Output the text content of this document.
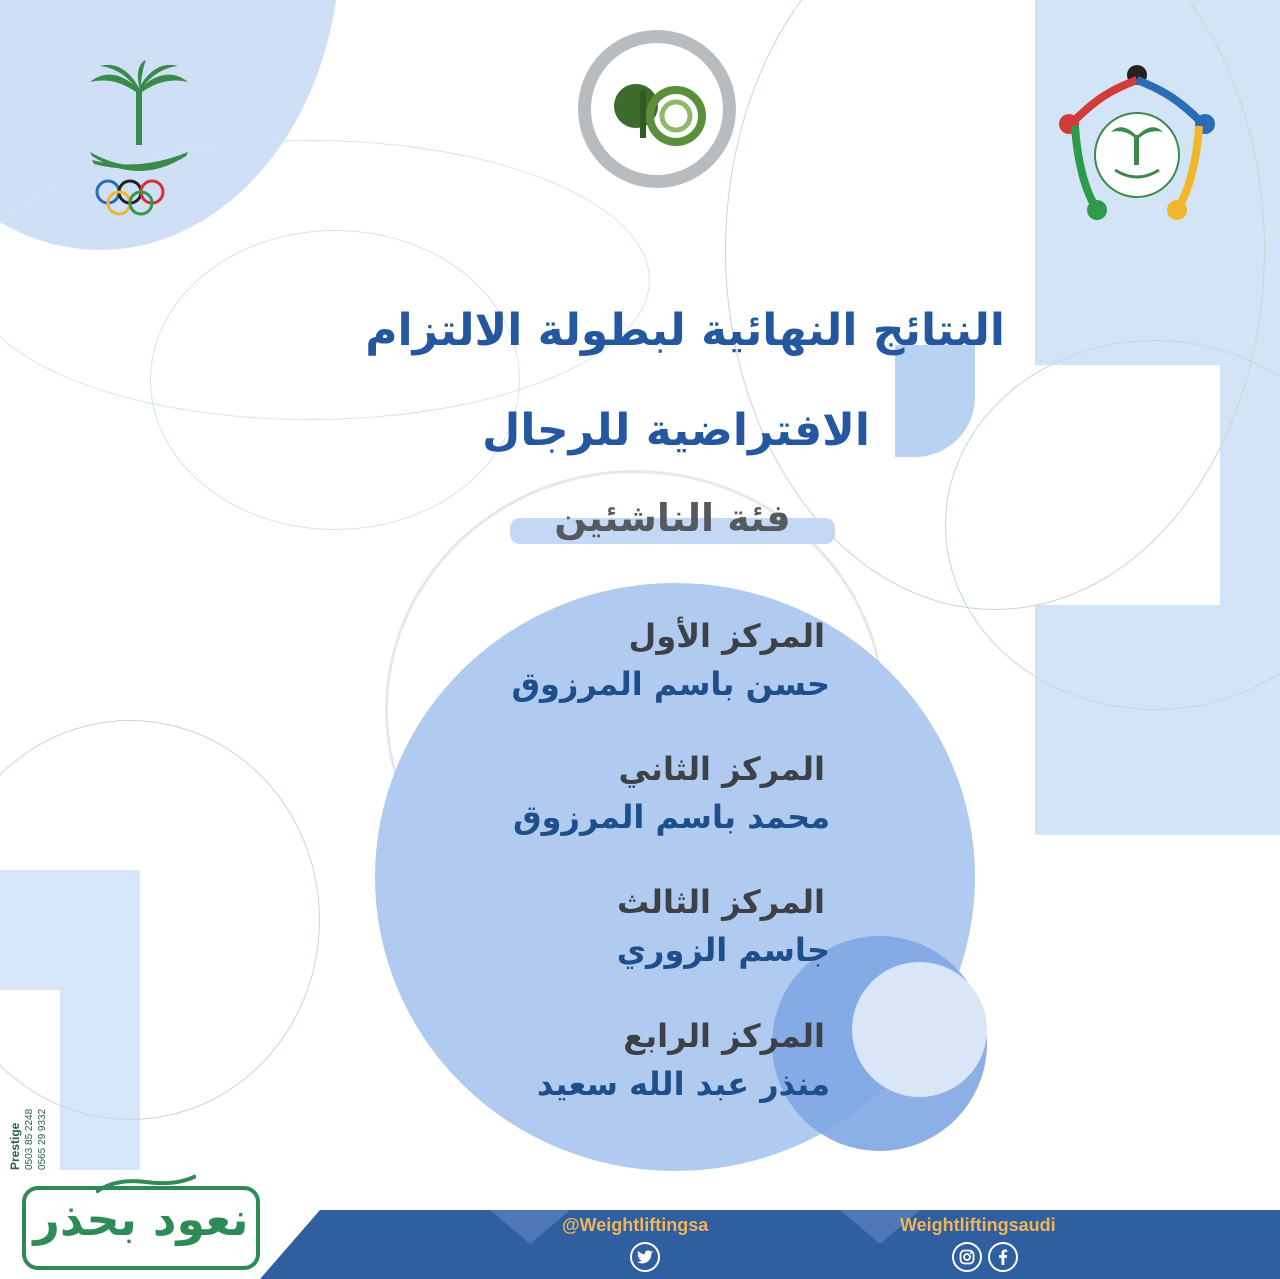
النتائج النهائية لبطولة الالتزام
الافتراضية للرجال
فئة الناشئين
المركز الأول
حسن باسم المرزوق
المركز الثاني
محمد باسم المرزوق
المركز الثالث
جاسم الزوري
المركز الرابع
منذر عبد الله سعيد
Prestige 0503 85 2248 0565 29 9332
@Weightliftingsa	Weightliftingsaudi
نعود بحذر
